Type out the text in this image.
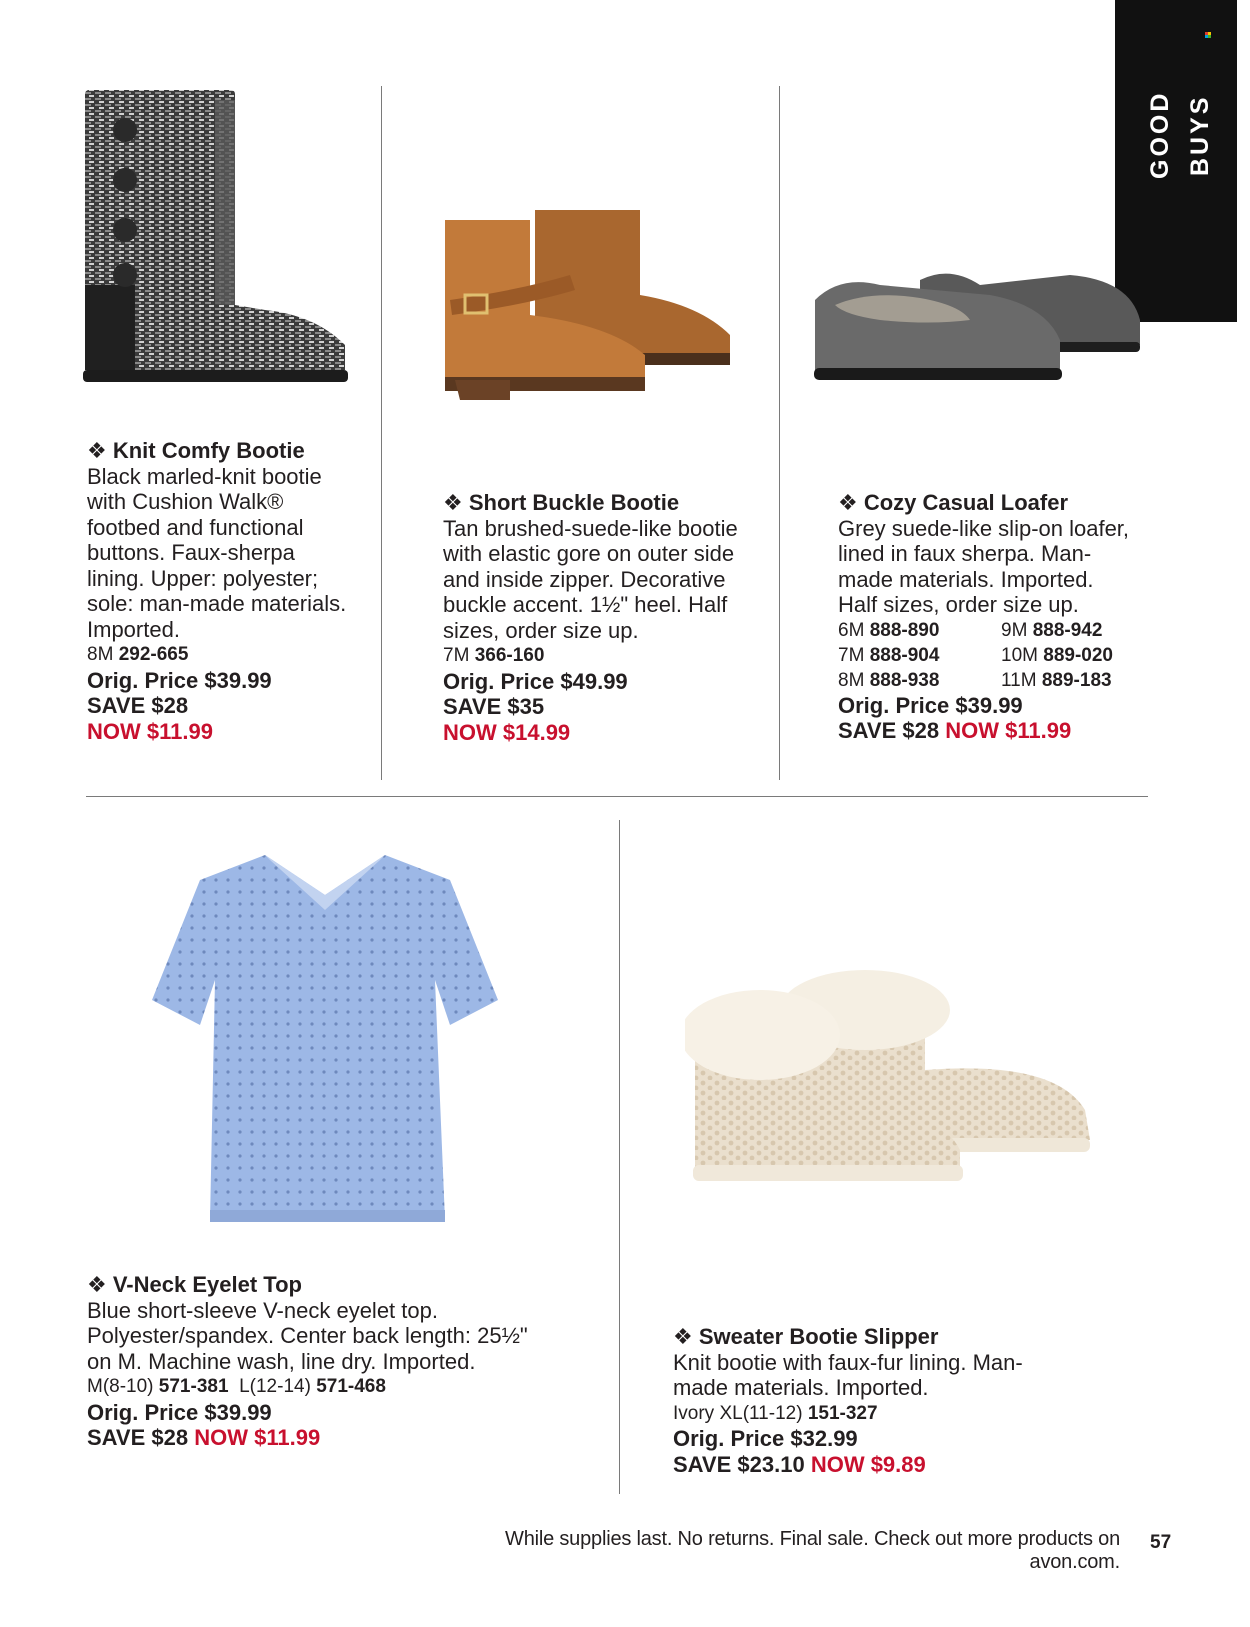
GOOD BUYS
❖ Knit Comfy Bootie
Black marled-knit bootie with Cushion Walk® footbed and functional buttons. Faux-sherpa lining. Upper: polyester; sole: man-made materials. Imported.
8M 292-665
Orig. Price $39.99
SAVE $28
NOW $11.99
❖ Short Buckle Bootie
Tan brushed-suede-like bootie with elastic gore on outer side and inside zipper. Decorative buckle accent. 1½" heel. Half sizes, order size up.
7M 366-160
Orig. Price $49.99
SAVE $35
NOW $14.99
❖ Cozy Casual Loafer
Grey suede-like slip-on loafer, lined in faux sherpa. Man-made materials. Imported. Half sizes, order size up.
6M 888-890	9M 888-942
7M 888-904	10M 889-020
8M 888-938	11M 889-183
Orig. Price $39.99
SAVE $28 NOW $11.99
❖ V-Neck Eyelet Top
Blue short-sleeve V-neck eyelet top. Polyester/spandex. Center back length: 25½" on M. Machine wash, line dry. Imported.
M(8-10) 571-381 L(12-14) 571-468
Orig. Price $39.99
SAVE $28 NOW $11.99
❖ Sweater Bootie Slipper
Knit bootie with faux-fur lining. Man-made materials. Imported.
Ivory XL(11-12) 151-327
Orig. Price $32.99
SAVE $23.10 NOW $9.89
While supplies last. No returns. Final sale. Check out more products on avon.com.
57
